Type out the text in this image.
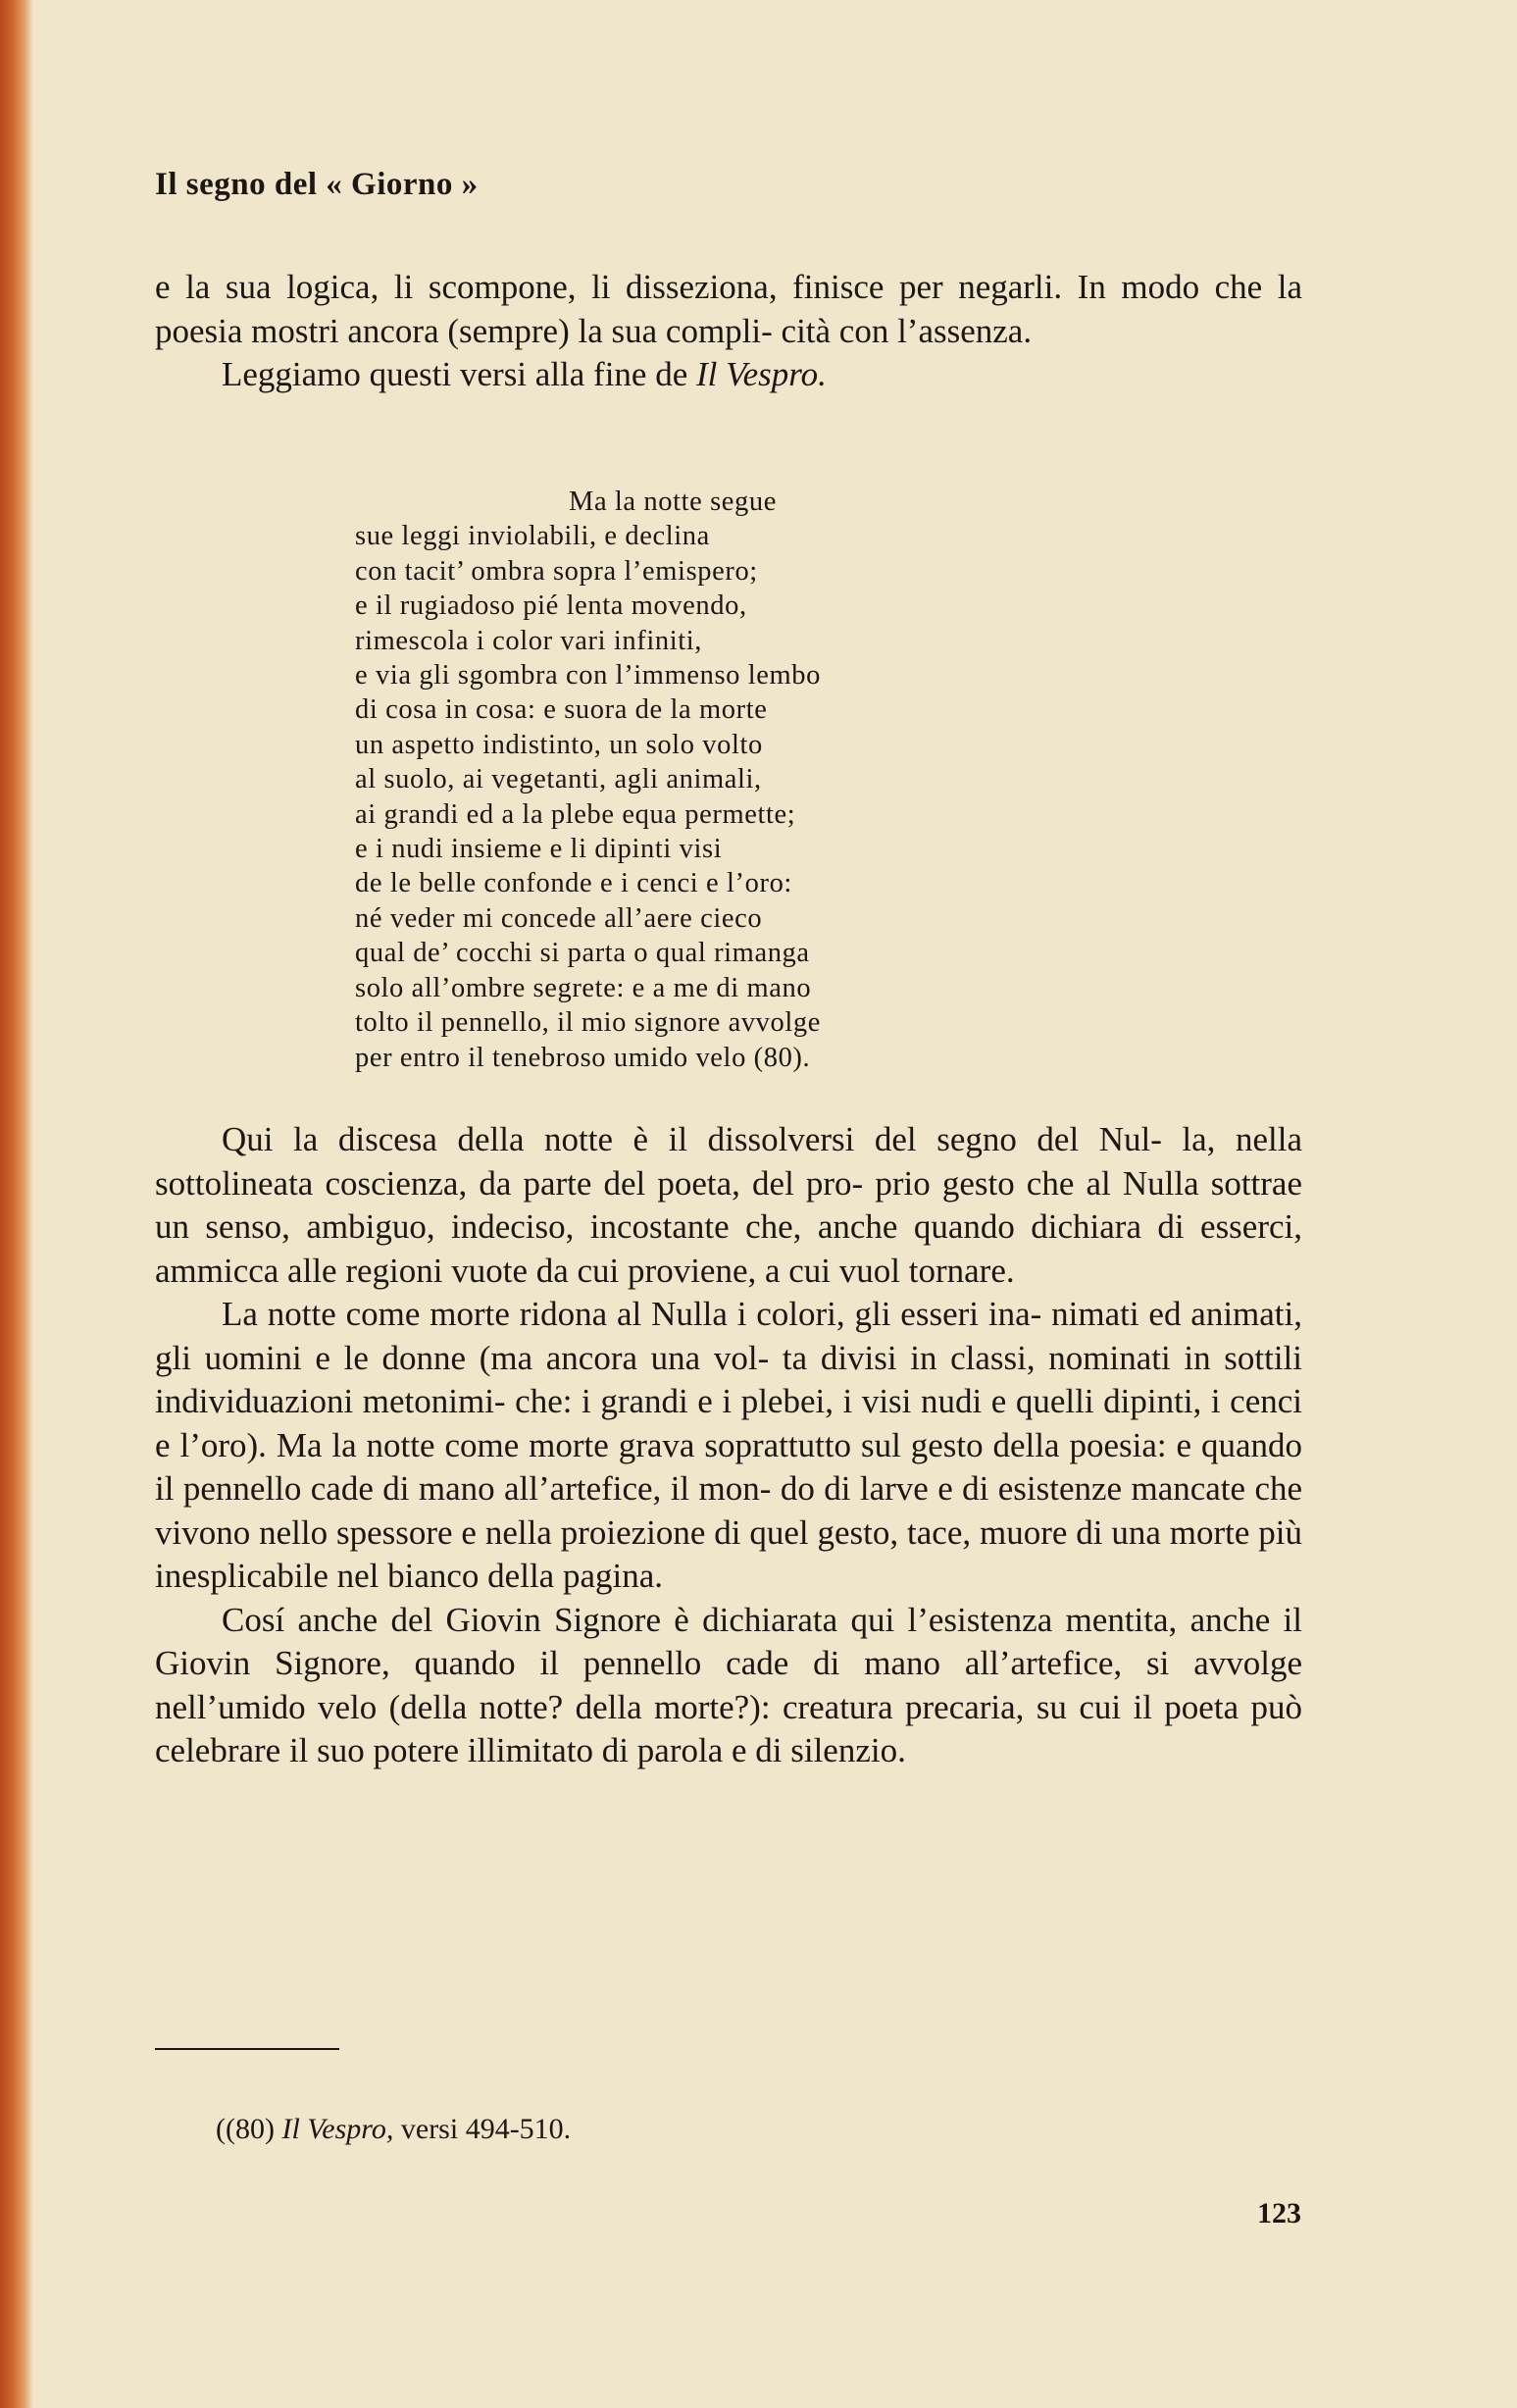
Il segno del « Giorno »

e la sua logica, li scompone, li disseziona, finisce per negarli. In modo che la poesia mostri ancora (sempre) la sua compli- cità con l’assenza.

Leggiamo questi versi alla fine de Il Vespro.

Ma la notte segue
sue leggi inviolabili, e declina
con tacit’ ombra sopra l’emispero;
e il rugiadoso pié lenta movendo,
rimescola i color vari infiniti,
e via gli sgombra con l’immenso lembo
di cosa in cosa: e suora de la morte
un aspetto indistinto, un solo volto
al suolo, ai vegetanti, agli animali,
ai grandi ed a la plebe equa permette;
e i nudi insieme e li dipinti visi
de le belle confonde e i cenci e l’oro:
né veder mi concede all’aere cieco
qual de’ cocchi si parta o qual rimanga
solo all’ombre segrete: e a me di mano
tolto il pennello, il mio signore avvolge
per entro il tenebroso umido velo (80).

Qui la discesa della notte è il dissolversi del segno del Nul- la, nella sottolineata coscienza, da parte del poeta, del pro- prio gesto che al Nulla sottrae un senso, ambiguo, indeciso, incostante che, anche quando dichiara di esserci, ammicca alle regioni vuote da cui proviene, a cui vuol tornare.

La notte come morte ridona al Nulla i colori, gli esseri ina- nimati ed animati, gli uomini e le donne (ma ancora una vol- ta divisi in classi, nominati in sottili individuazioni metonimi- che: i grandi e i plebei, i visi nudi e quelli dipinti, i cenci e l’oro). Ma la notte come morte grava soprattutto sul gesto della poesia: e quando il pennello cade di mano all’artefice, il mon- do di larve e di esistenze mancate che vivono nello spessore e nella proiezione di quel gesto, tace, muore di una morte più inesplicabile nel bianco della pagina.

Cosí anche del Giovin Signore è dichiarata qui l’esistenza mentita, anche il Giovin Signore, quando il pennello cade di mano all’artefice, si avvolge nell’umido velo (della notte? della morte?): creatura precaria, su cui il poeta può celebrare il suo potere illimitato di parola e di silenzio.

((80) Il Vespro, versi 494-510.
123
